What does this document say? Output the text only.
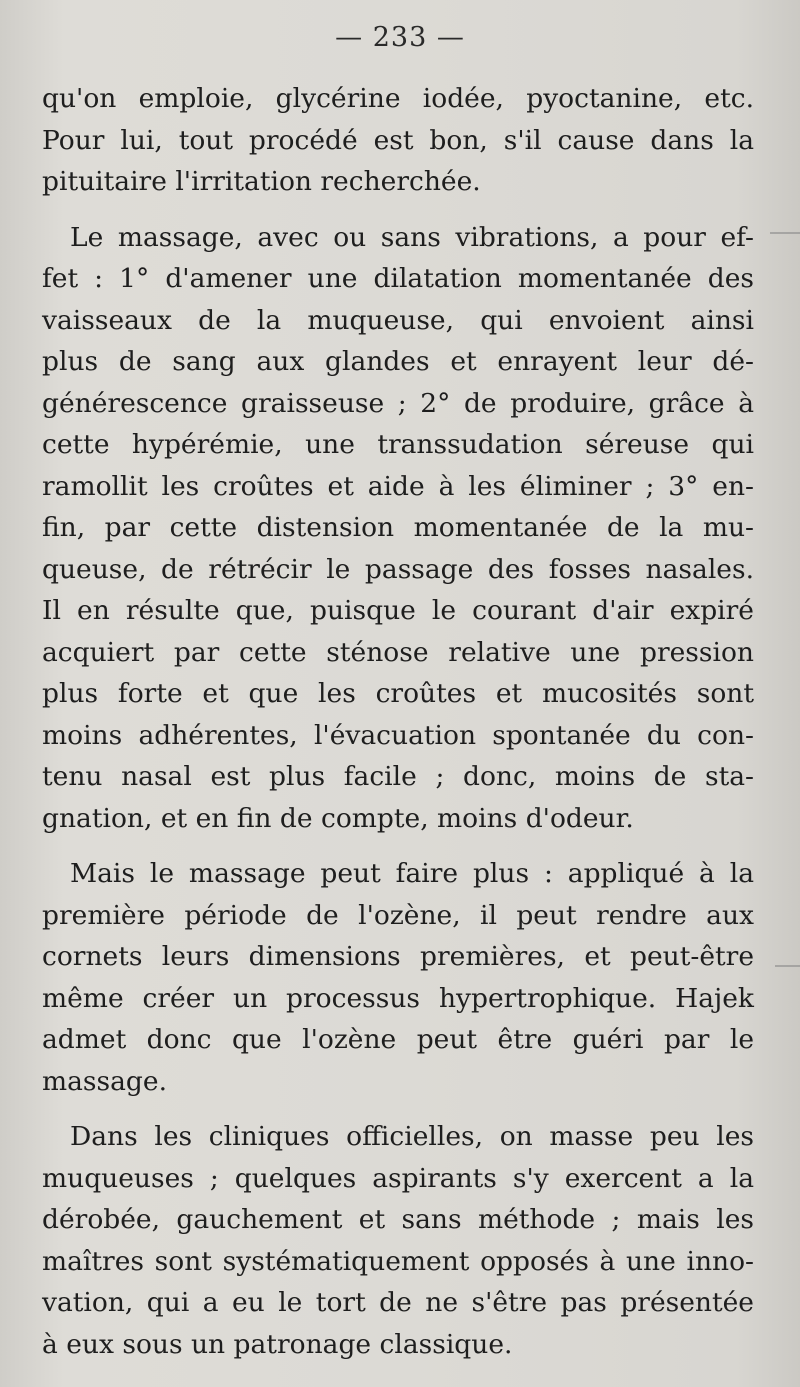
— 233 —
qu'on emploie, glycérine iodée, pyoctanine, etc.
Pour lui, tout procédé est bon, s'il cause dans la
pituitaire l'irritation recherchée.
Le massage, avec ou sans vibrations, a pour ef-
fet : 1° d'amener une dilatation momentanée des
vaisseaux de la muqueuse, qui envoient ainsi
plus de sang aux glandes et enrayent leur dé-
générescence graisseuse ; 2° de produire, grâce à
cette hypérémie, une transsudation séreuse qui
ramollit les croûtes et aide à les éliminer ; 3° en-
fin, par cette distension momentanée de la mu-
queuse, de rétrécir le passage des fosses nasales.
Il en résulte que, puisque le courant d'air expiré
acquiert par cette sténose relative une pression
plus forte et que les croûtes et mucosités sont
moins adhérentes, l'évacuation spontanée du con-
tenu nasal est plus facile ; donc, moins de sta-
gnation, et en fin de compte, moins d'odeur.
Mais le massage peut faire plus : appliqué à la
première période de l'ozène, il peut rendre aux
cornets leurs dimensions premières, et peut-être
même créer un processus hypertrophique. Hajek
admet donc que l'ozène peut être guéri par le
massage.
Dans les cliniques officielles, on masse peu les
muqueuses ; quelques aspirants s'y exercent a la
dérobée, gauchement et sans méthode ; mais les
maîtres sont systématiquement opposés à une inno-
vation, qui a eu le tort de ne s'être pas présentée
à eux sous un patronage classique.
